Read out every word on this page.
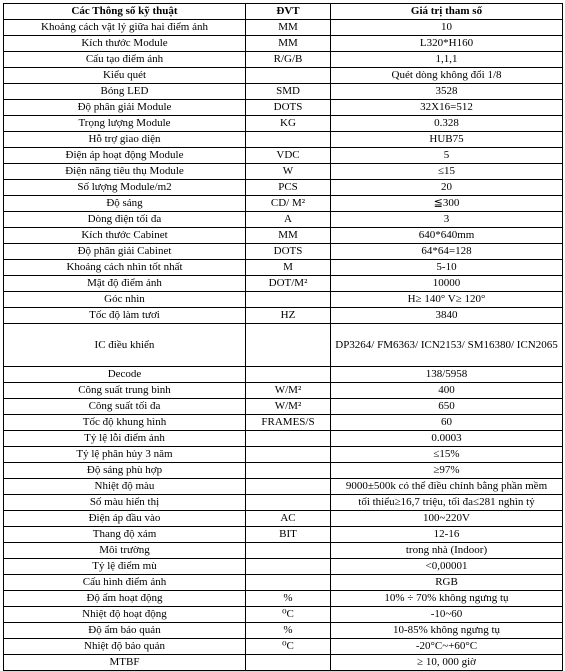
Các Thông số kỹ thuật	ĐVT	Giá trị tham số
Khoảng cách vật lý giữa hai điểm ảnh	MM	10
Kích thước Module	MM	L320*H160
Cấu tạo điểm ảnh	R/G/B	1,1,1
Kiểu quét		Quét dòng không đổi 1/8
Bóng LED	SMD	3528
Độ phân giải Module	DOTS	32X16=512
Trọng lượng Module	KG	0.328
Hỗ trợ giao diện		HUB75
Điện áp hoạt động Module	VDC	5
Điện năng tiêu thụ Module	W	≤15
Số lượng Module/m2	PCS	20
Độ sáng	CD/ M²	≦300
Dòng điện tối đa	A	3
Kích thước Cabinet	MM	640*640mm
Độ phân giải Cabinet	DOTS	64*64=128
Khoảng cách nhìn tốt nhất	M	5-10
Mật độ điểm ảnh	DOT/M²	10000
Góc nhìn		H≥ 140° V≥ 120°
Tốc độ làm tươi	HZ	3840
IC điều khiển		DP3264/ FM6363/ ICN2153/ SM16380/ ICN2065
Decode		138/5958
Công suất trung bình	W/M²	400
Công suất tối đa	W/M²	650
Tốc độ khung hình	FRAMES/S	60
Tỷ lệ lỗi điểm ảnh		0.0003
Tỷ lệ phân hủy 3 năm		≤15%
Độ sáng phù hợp		≥97%
Nhiệt độ màu		9000±500k có thể điều chỉnh bằng phần mềm
Số màu hiển thị		tối thiểu≥16,7 triệu, tối đa≤281 nghìn tỷ
Điện áp đầu vào	AC	100~220V
Thang độ xám	BIT	12-16
Môi trường		trong nhà (Indoor)
Tỷ lệ điểm mù		<0,00001
Cấu hình điểm ảnh		RGB
Độ ẩm hoạt động	%	10% ÷ 70% không ngưng tụ
Nhiệt độ hoạt động	⁰C	-10~60
Độ ẩm bảo quản	%	10-85% không ngưng tụ
Nhiệt độ bảo quản	⁰C	-20°C~+60°C
MTBF		≥ 10, 000 giờ
